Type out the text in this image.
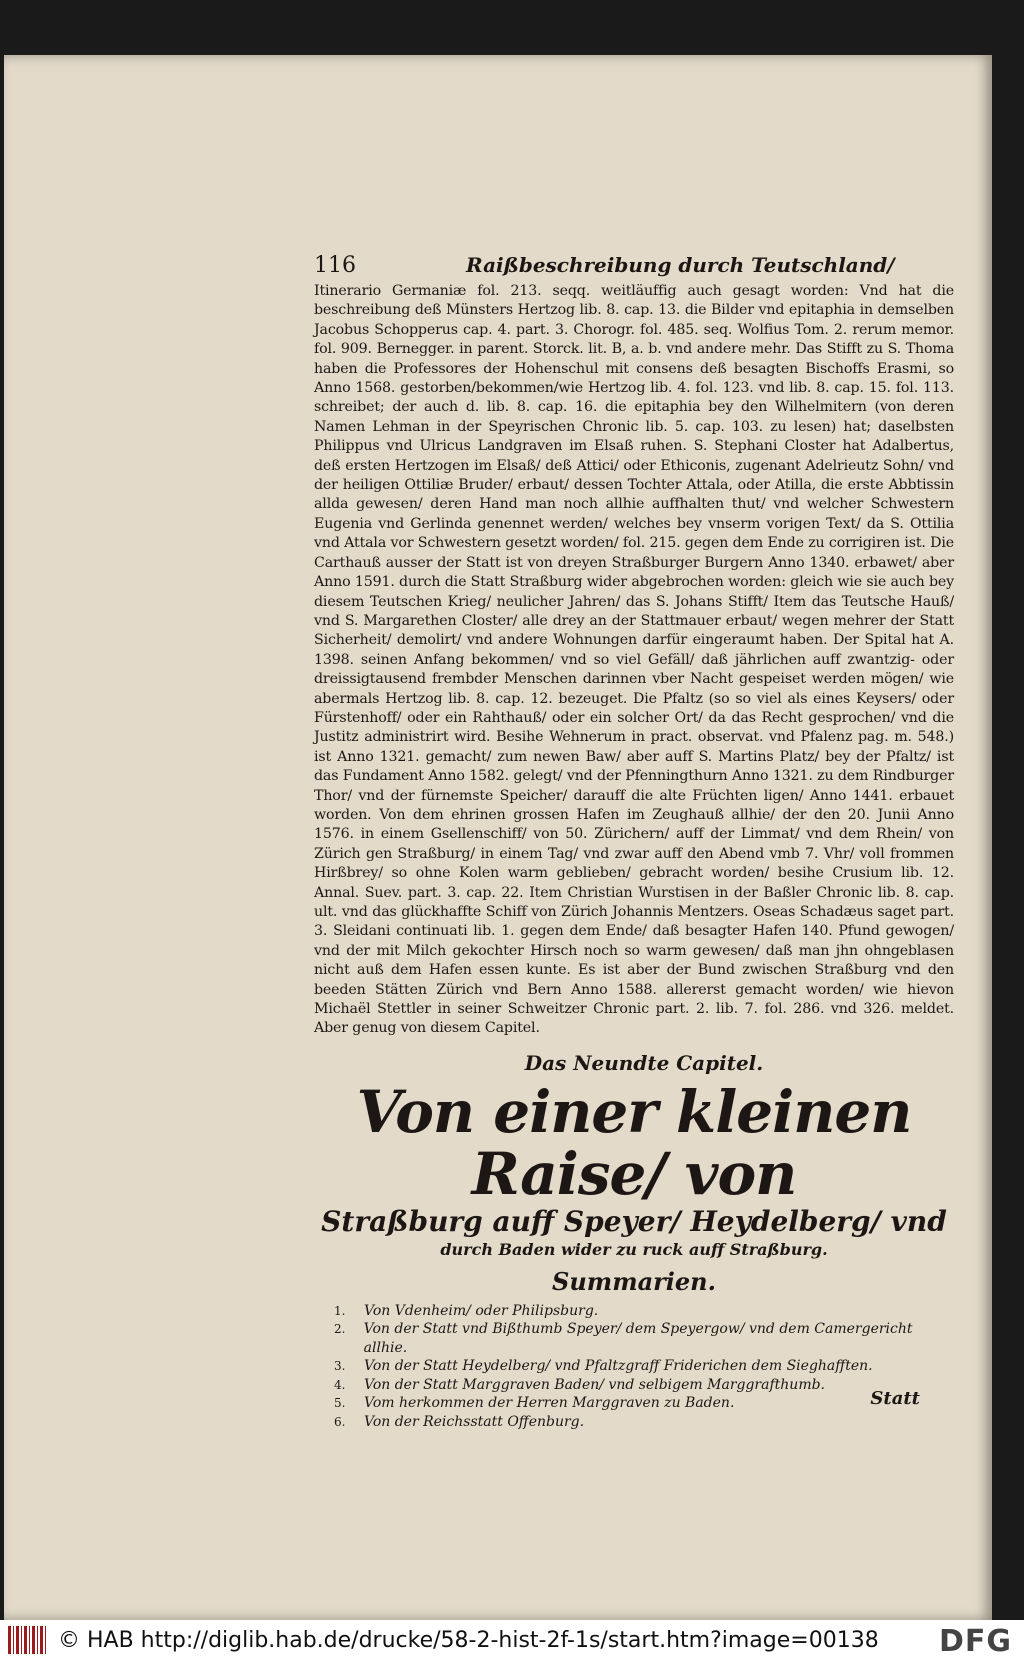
116	Raißbeschreibung durch Teutschland/
Itinerario Germaniæ fol. 213. seqq. weitläuffig auch gesagt worden: Vnd hat die beschreibung deß Münsters Hertzog lib. 8. cap. 13. die Bilder vnd epitaphia in demselben Jacobus Schopperus cap. 4. part. 3. Chorogr. fol. 485. seq. Wolfius Tom. 2. rerum memor. fol. 909. Bernegger. in parent. Storck. lit. B, a. b. vnd andere mehr. Das Stifft zu S. Thoma haben die Professores der Hohenschul mit consens deß besagten Bischoffs Erasmi, so Anno 1568. gestorben/bekommen/wie Hertzog lib. 4. fol. 123. vnd lib. 8. cap. 15. fol. 113. schreibet; der auch d. lib. 8. cap. 16. die epitaphia bey den Wilhelmitern (von deren Namen Lehman in der Speyrischen Chronic lib. 5. cap. 103. zu lesen) hat; daselbsten Philippus vnd Ulricus Landgraven im Elsaß ruhen. S. Stephani Closter hat Adalbertus, deß ersten Hertzogen im Elsaß/ deß Attici/ oder Ethiconis, zugenant Adelrieutz Sohn/ vnd der heiligen Ottiliæ Bruder/ erbaut/ dessen Tochter Attala, oder Atilla, die erste Abbtissin allda gewesen/ deren Hand man noch allhie auffhalten thut/ vnd welcher Schwestern Eugenia vnd Gerlinda genennet werden/ welches bey vnserm vorigen Text/ da S. Ottilia vnd Attala vor Schwestern gesetzt worden/ fol. 215. gegen dem Ende zu corrigiren ist. Die Carthauß ausser der Statt ist von dreyen Straßburger Burgern Anno 1340. erbawet/ aber Anno 1591. durch die Statt Straßburg wider abgebrochen worden: gleich wie sie auch bey diesem Teutschen Krieg/ neulicher Jahren/ das S. Johans Stifft/ Item das Teutsche Hauß/ vnd S. Margarethen Closter/ alle drey an der Stattmauer erbaut/ wegen mehrer der Statt Sicherheit/ demolirt/ vnd andere Wohnungen darfür eingeraumt haben. Der Spital hat A. 1398. seinen Anfang bekommen/ vnd so viel Gefäll/ daß jährlichen auff zwantzig- oder dreissigtausend frembder Menschen darinnen vber Nacht gespeiset werden mögen/ wie abermals Hertzog lib. 8. cap. 12. bezeuget. Die Pfaltz (so so viel als eines Keysers/ oder Fürstenhoff/ oder ein Rahthauß/ oder ein solcher Ort/ da das Recht gesprochen/ vnd die Justitz administrirt wird. Besihe Wehnerum in pract. observat. vnd Pfalenz pag. m. 548.) ist Anno 1321. gemacht/ zum newen Baw/ aber auff S. Martins Platz/ bey der Pfaltz/ ist das Fundament Anno 1582. gelegt/ vnd der Pfenningthurn Anno 1321. zu dem Rindburger Thor/ vnd der fürnemste Speicher/ darauff die alte Früchten ligen/ Anno 1441. erbauet worden. Von dem ehrinen grossen Hafen im Zeughauß allhie/ der den 20. Junii Anno 1576. in einem Gsellenschiff/ von 50. Zürichern/ auff der Limmat/ vnd dem Rhein/ von Zürich gen Straßburg/ in einem Tag/ vnd zwar auff den Abend vmb 7. Vhr/ voll frommen Hirßbrey/ so ohne Kolen warm geblieben/ gebracht worden/ besihe Crusium lib. 12. Annal. Suev. part. 3. cap. 22. Item Christian Wurstisen in der Baßler Chronic lib. 8. cap. ult. vnd das glückhaffte Schiff von Zürich Johannis Mentzers. Oseas Schadæus saget part. 3. Sleidani continuati lib. 1. gegen dem Ende/ daß besagter Hafen 140. Pfund gewogen/ vnd der mit Milch gekochter Hirsch noch so warm gewesen/ daß man jhn ohngeblasen nicht auß dem Hafen essen kunte. Es ist aber der Bund zwischen Straßburg vnd den beeden Stätten Zürich vnd Bern Anno 1588. allererst gemacht worden/ wie hievon Michaël Stettler in seiner Schweitzer Chronic part. 2. lib. 7. fol. 286. vnd 326. meldet. Aber genug von diesem Capitel.
Das Neundte Capitel.
Von einer kleinen Raise/ von
Straßburg auff Speyer/ Heydelberg/ vnd
durch Baden wider zu ruck auff Straßburg.
Summarien.
1.	Von Vdenheim/ oder Philipsburg.
2.	Von der Statt vnd Bißthumb Speyer/ dem Speyergow/ vnd dem Camergericht allhie.
3.	Von der Statt Heydelberg/ vnd Pfaltzgraff Friderichen dem Sieghafften.
4.	Von der Statt Marggraven Baden/ vnd selbigem Marggrafthumb.
5.	Vom herkommen der Herren Marggraven zu Baden.
6.	Von der Reichsstatt Offenburg.
Statt
© HAB http://diglib.hab.de/drucke/58-2-hist-2f-1s/start.htm?image=00138 DFG
